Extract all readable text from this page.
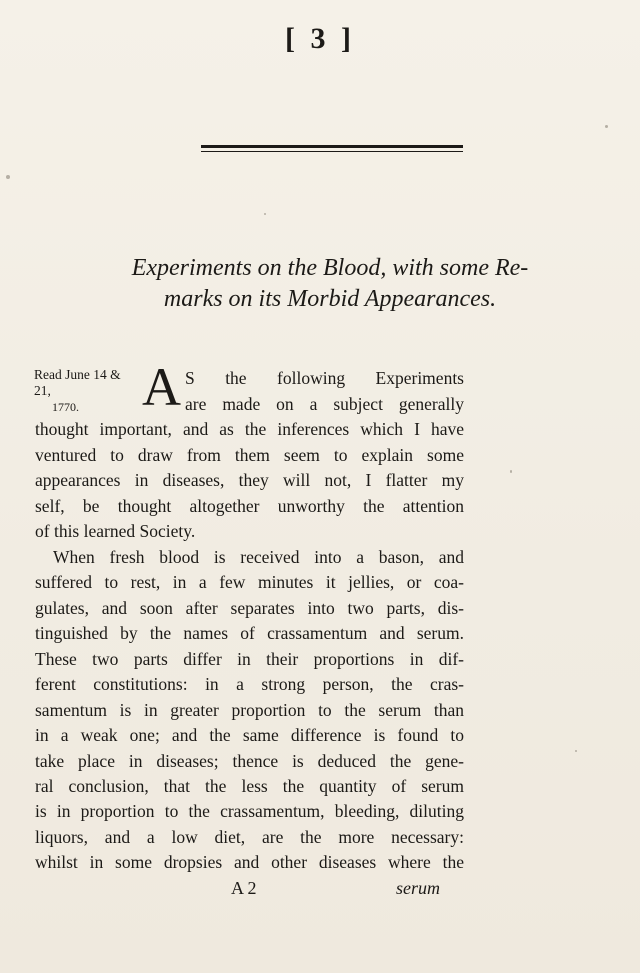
[ 3 ]
Experiments on the Blood, with some Re-
marks on its Morbid Appearances.
Read June 14 & 21,
1770.	A S the following Experiments
are made on a subject generally
thought important, and as the inferences which I have
ventured to draw from them seem to explain some
appearances in diseases, they will not, I flatter my
self, be thought altogether unworthy the attention
of this learned Society.
When fresh blood is received into a bason, and
suffered to rest, in a few minutes it jellies, or coa-
gulates, and soon after separates into two parts, dis-
tinguished by the names of crassamentum and serum.
These two parts differ in their proportions in dif-
ferent constitutions: in a strong person, the cras-
samentum is in greater proportion to the serum than
in a weak one; and the same difference is found to
take place in diseases; thence is deduced the gene-
ral conclusion, that the less the quantity of serum
is in proportion to the crassamentum, bleeding, diluting
liquors, and a low diet, are the more necessary:
whilst in some dropsies and other diseases where the
A 2	serum
